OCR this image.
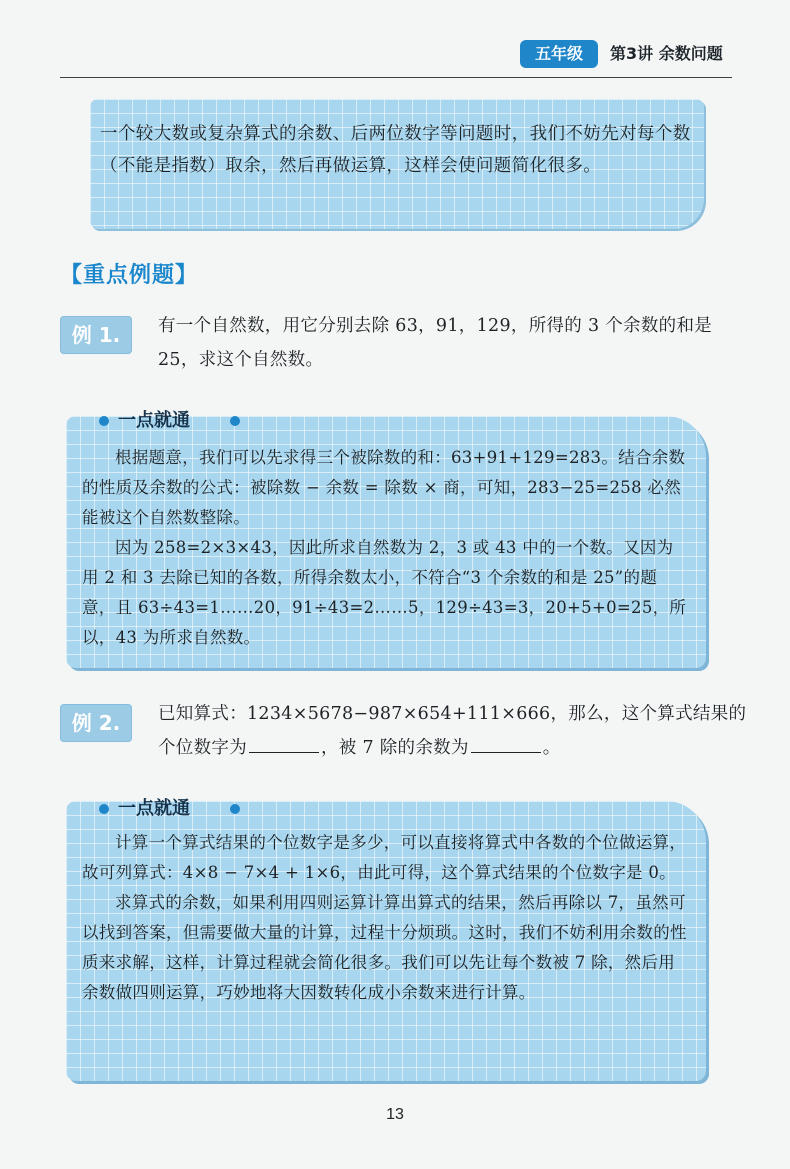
五年级	第3讲 余数问题
一个较大数或复杂算式的余数、后两位数字等问题时，我们不妨先对每个数（不能是指数）取余，然后再做运算，这样会使问题简化很多。
【重点例题】
例 1.	有一个自然数，用它分别去除 63，91，129，所得的 3 个余数的和是 25，求这个自然数。
一点就通

根据题意，我们可以先求得三个被除数的和：63+91+129=283。结合余数的性质及余数的公式：被除数 − 余数 = 除数 × 商，可知，283−25=258 必然能被这个自然数整除。

因为 258=2×3×43，因此所求自然数为 2，3 或 43 中的一个数。又因为用 2 和 3 去除已知的各数，所得余数太小，不符合“3 个余数的和是 25”的题意，且 63÷43=1……20，91÷43=2……5，129÷43=3，20+5+0=25，所以，43 为所求自然数。

例 2.	已知算式：1234×5678−987×654+111×666，那么，这个算式结果的个位数字为	，被 7 除的余数为	。
一点就通

计算一个算式结果的个位数字是多少，可以直接将算式中各数的个位做运算，故可列算式：4×8 − 7×4 + 1×6，由此可得，这个算式结果的个位数字是 0。

求算式的余数，如果利用四则运算计算出算式的结果，然后再除以 7，虽然可以找到答案，但需要做大量的计算，过程十分烦琐。这时，我们不妨利用余数的性质来求解，这样，计算过程就会简化很多。我们可以先让每个数被 7 除，然后用余数做四则运算，巧妙地将大因数转化成小余数来进行计算。

13
